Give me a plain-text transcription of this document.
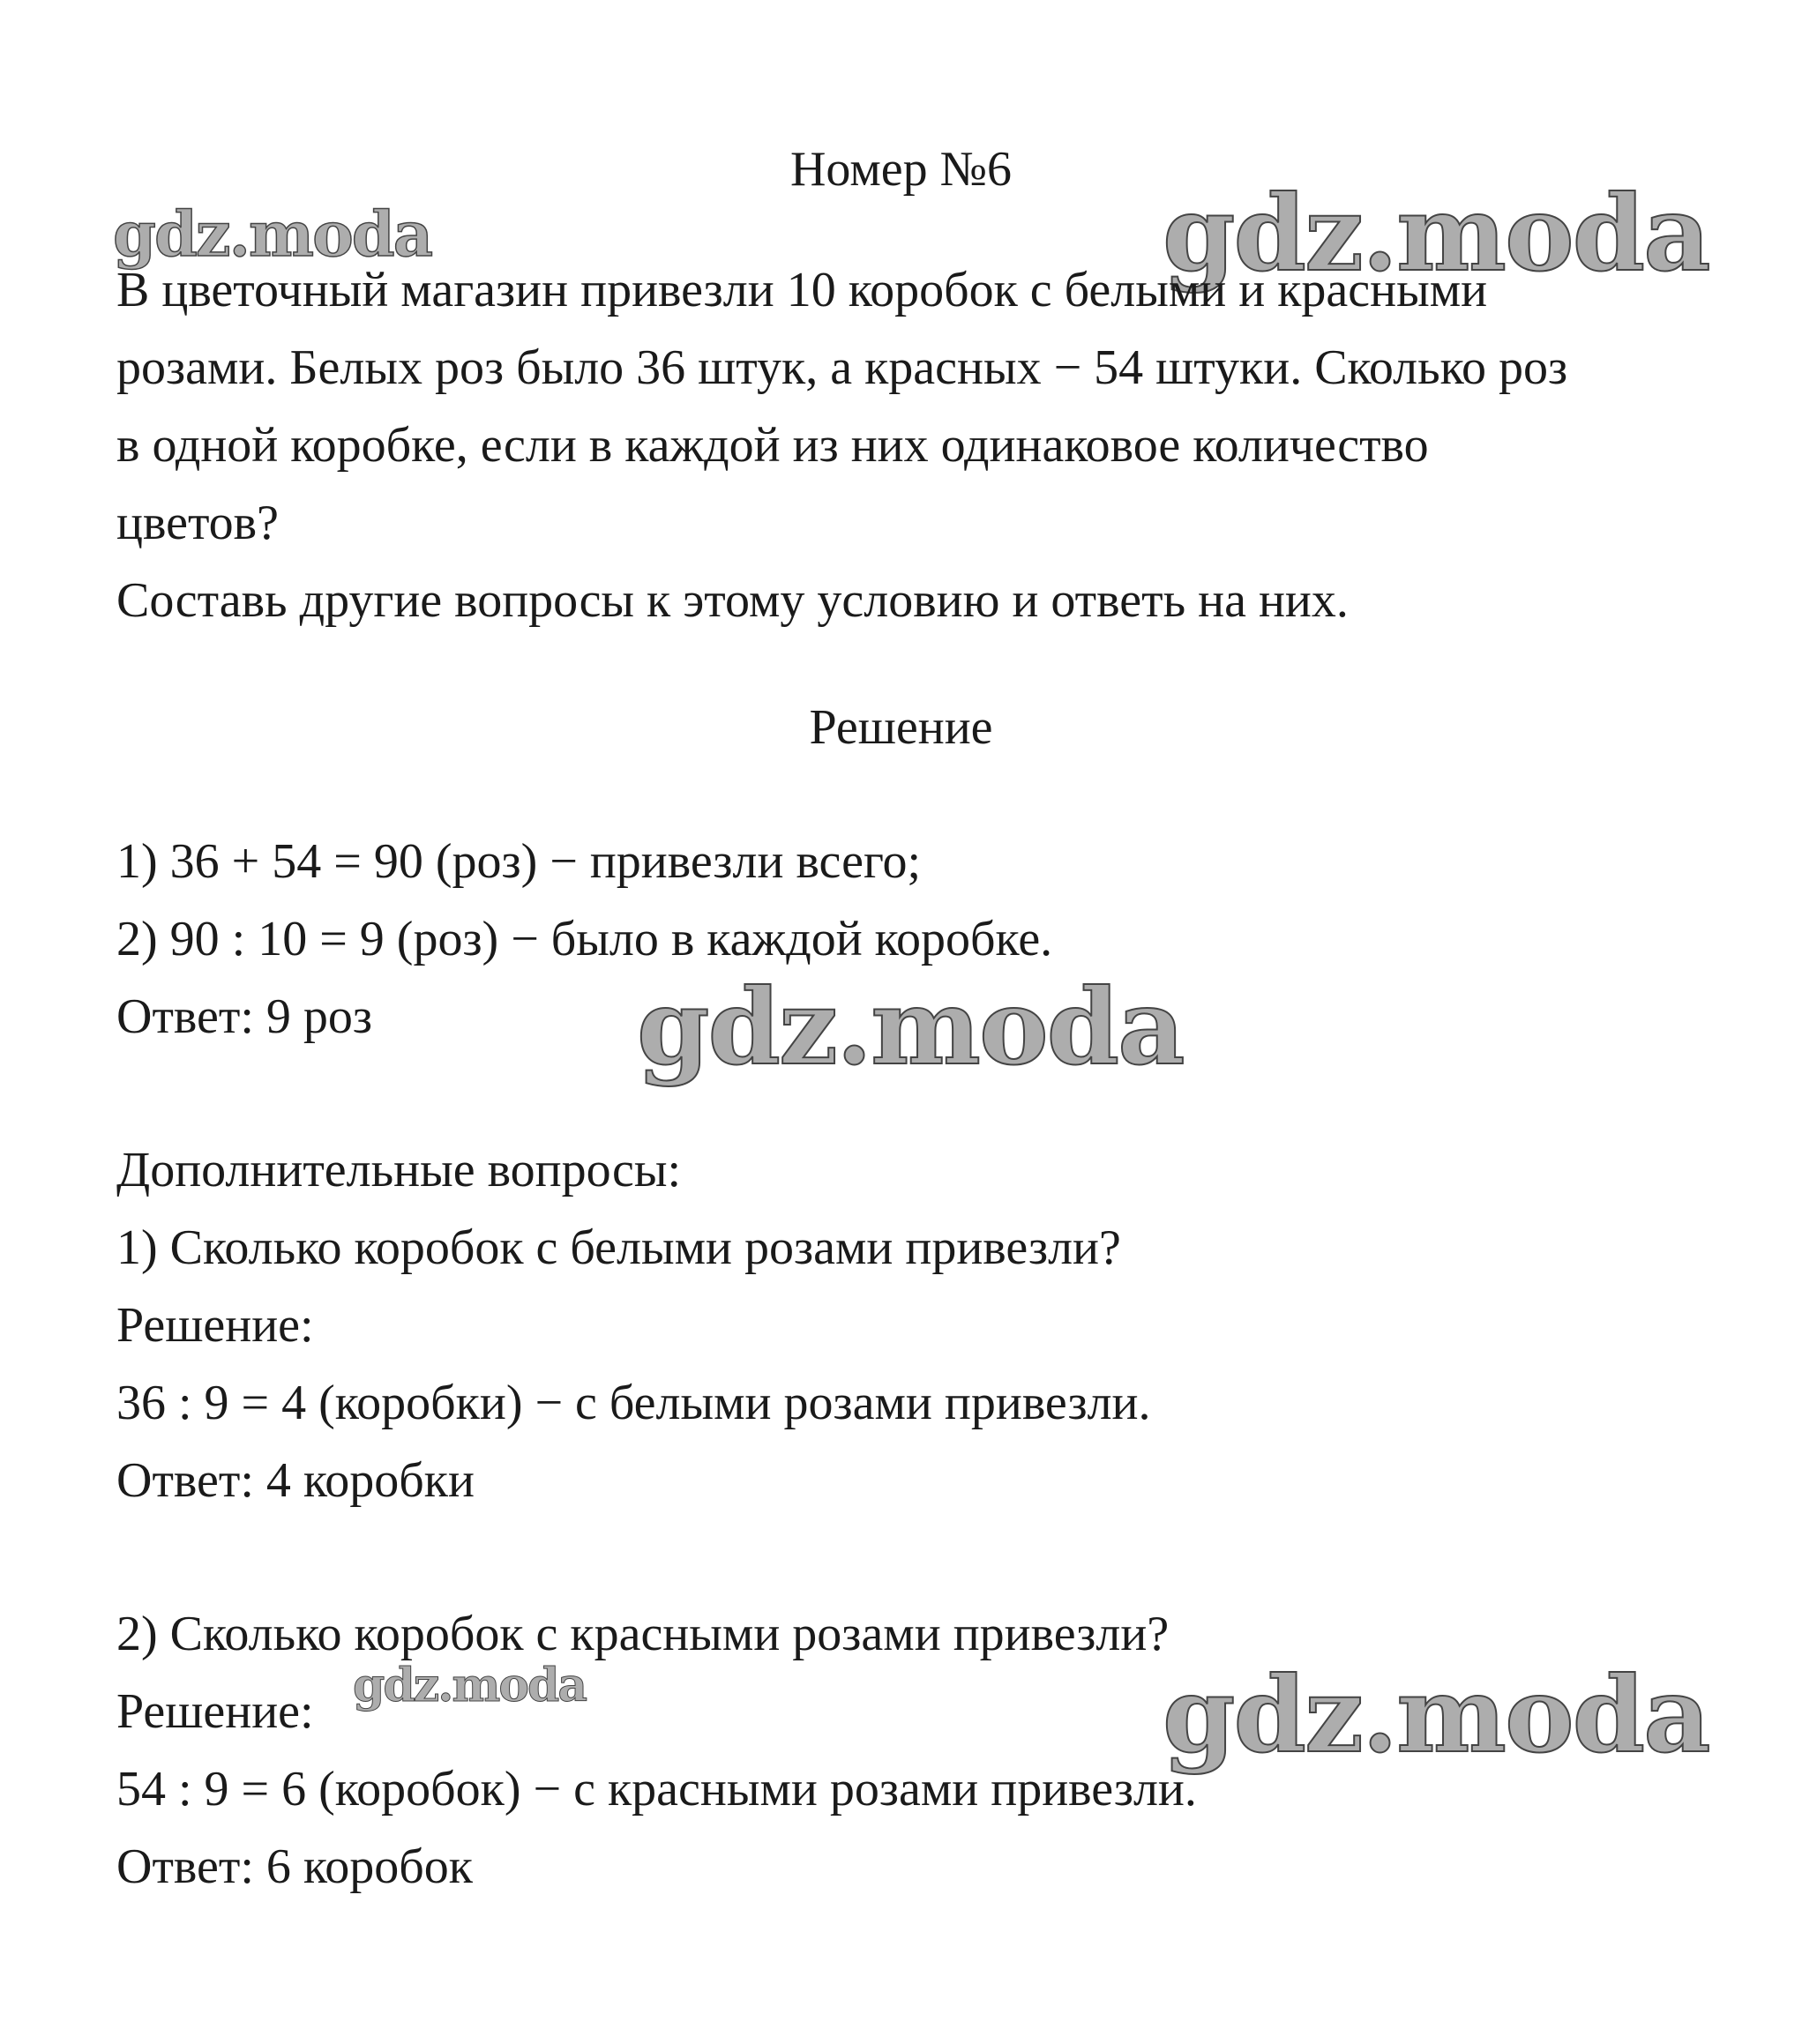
gdz.moda	gdz.moda
gdz.moda
gdz.moda	gdz.moda
Номер №6

В цветочный магазин привезли 10 коробок с белыми и красными

розами. Белых роз было 36 штук, а красных − 54 штуки. Сколько роз

в одной коробке, если в каждой из них одинаковое количество

цветов?

Составь другие вопросы к этому условию и ответь на них.

Решение

1) 36 + 54 = 90 (роз) − привезли всего;

2) 90 : 10 = 9 (роз) − было в каждой коробке.

Ответ: 9 роз

Дополнительные вопросы:

1) Сколько коробок с белыми розами привезли?

Решение:

36 : 9 = 4 (коробки) − с белыми розами привезли.

Ответ: 4 коробки

2) Сколько коробок с красными розами привезли?

Решение:

54 : 9 = 6 (коробок) − с красными розами привезли.

Ответ: 6 коробок
